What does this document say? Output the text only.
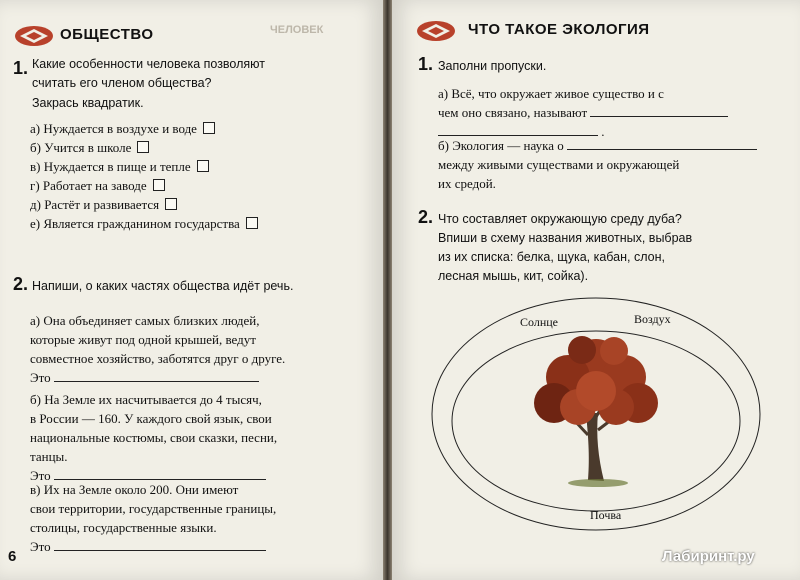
ЧЕЛОВЕК
ОБЩЕСТВО
1. Какие особенности человека позволяют
считать его членом общества?
Закрась квадратик.
а) Нуждается в воздухе и воде
б) Учится в школе
в) Нуждается в пище и тепле
г) Работает на заводе
д) Растёт и развивается
е) Является гражданином государства
2. Напиши, о каких частях общества идёт речь.
а) Она объединяет самых близких людей,
которые живут под одной крышей, ведут
совместное хозяйство, заботятся друг о друге.
Это
б) На Земле их насчитывается до 4 тысяч,
в России — 160. У каждого свой язык, свои
национальные костюмы, свои сказки, песни,
танцы.
Это
в) Их на Земле около 200. Они имеют
свои территории, государственные границы,
столицы, государственные языки.
Это
6
ЧТО ТАКОЕ ЭКОЛОГИЯ
1. Заполни пропуски.
а) Всё, что окружает живое существо и с
чем оно связано, называют
.
б) Экология — наука о
между живыми существами и окружающей
их средой.
2. Что составляет окружающую среду дуба?
Впиши в схему названия животных, выбрав
из их списка: белка, щука, кабан, слон,
лесная мышь, кит, сойка).
Солнце	Воздух
Почва
Лабиринт.ру
